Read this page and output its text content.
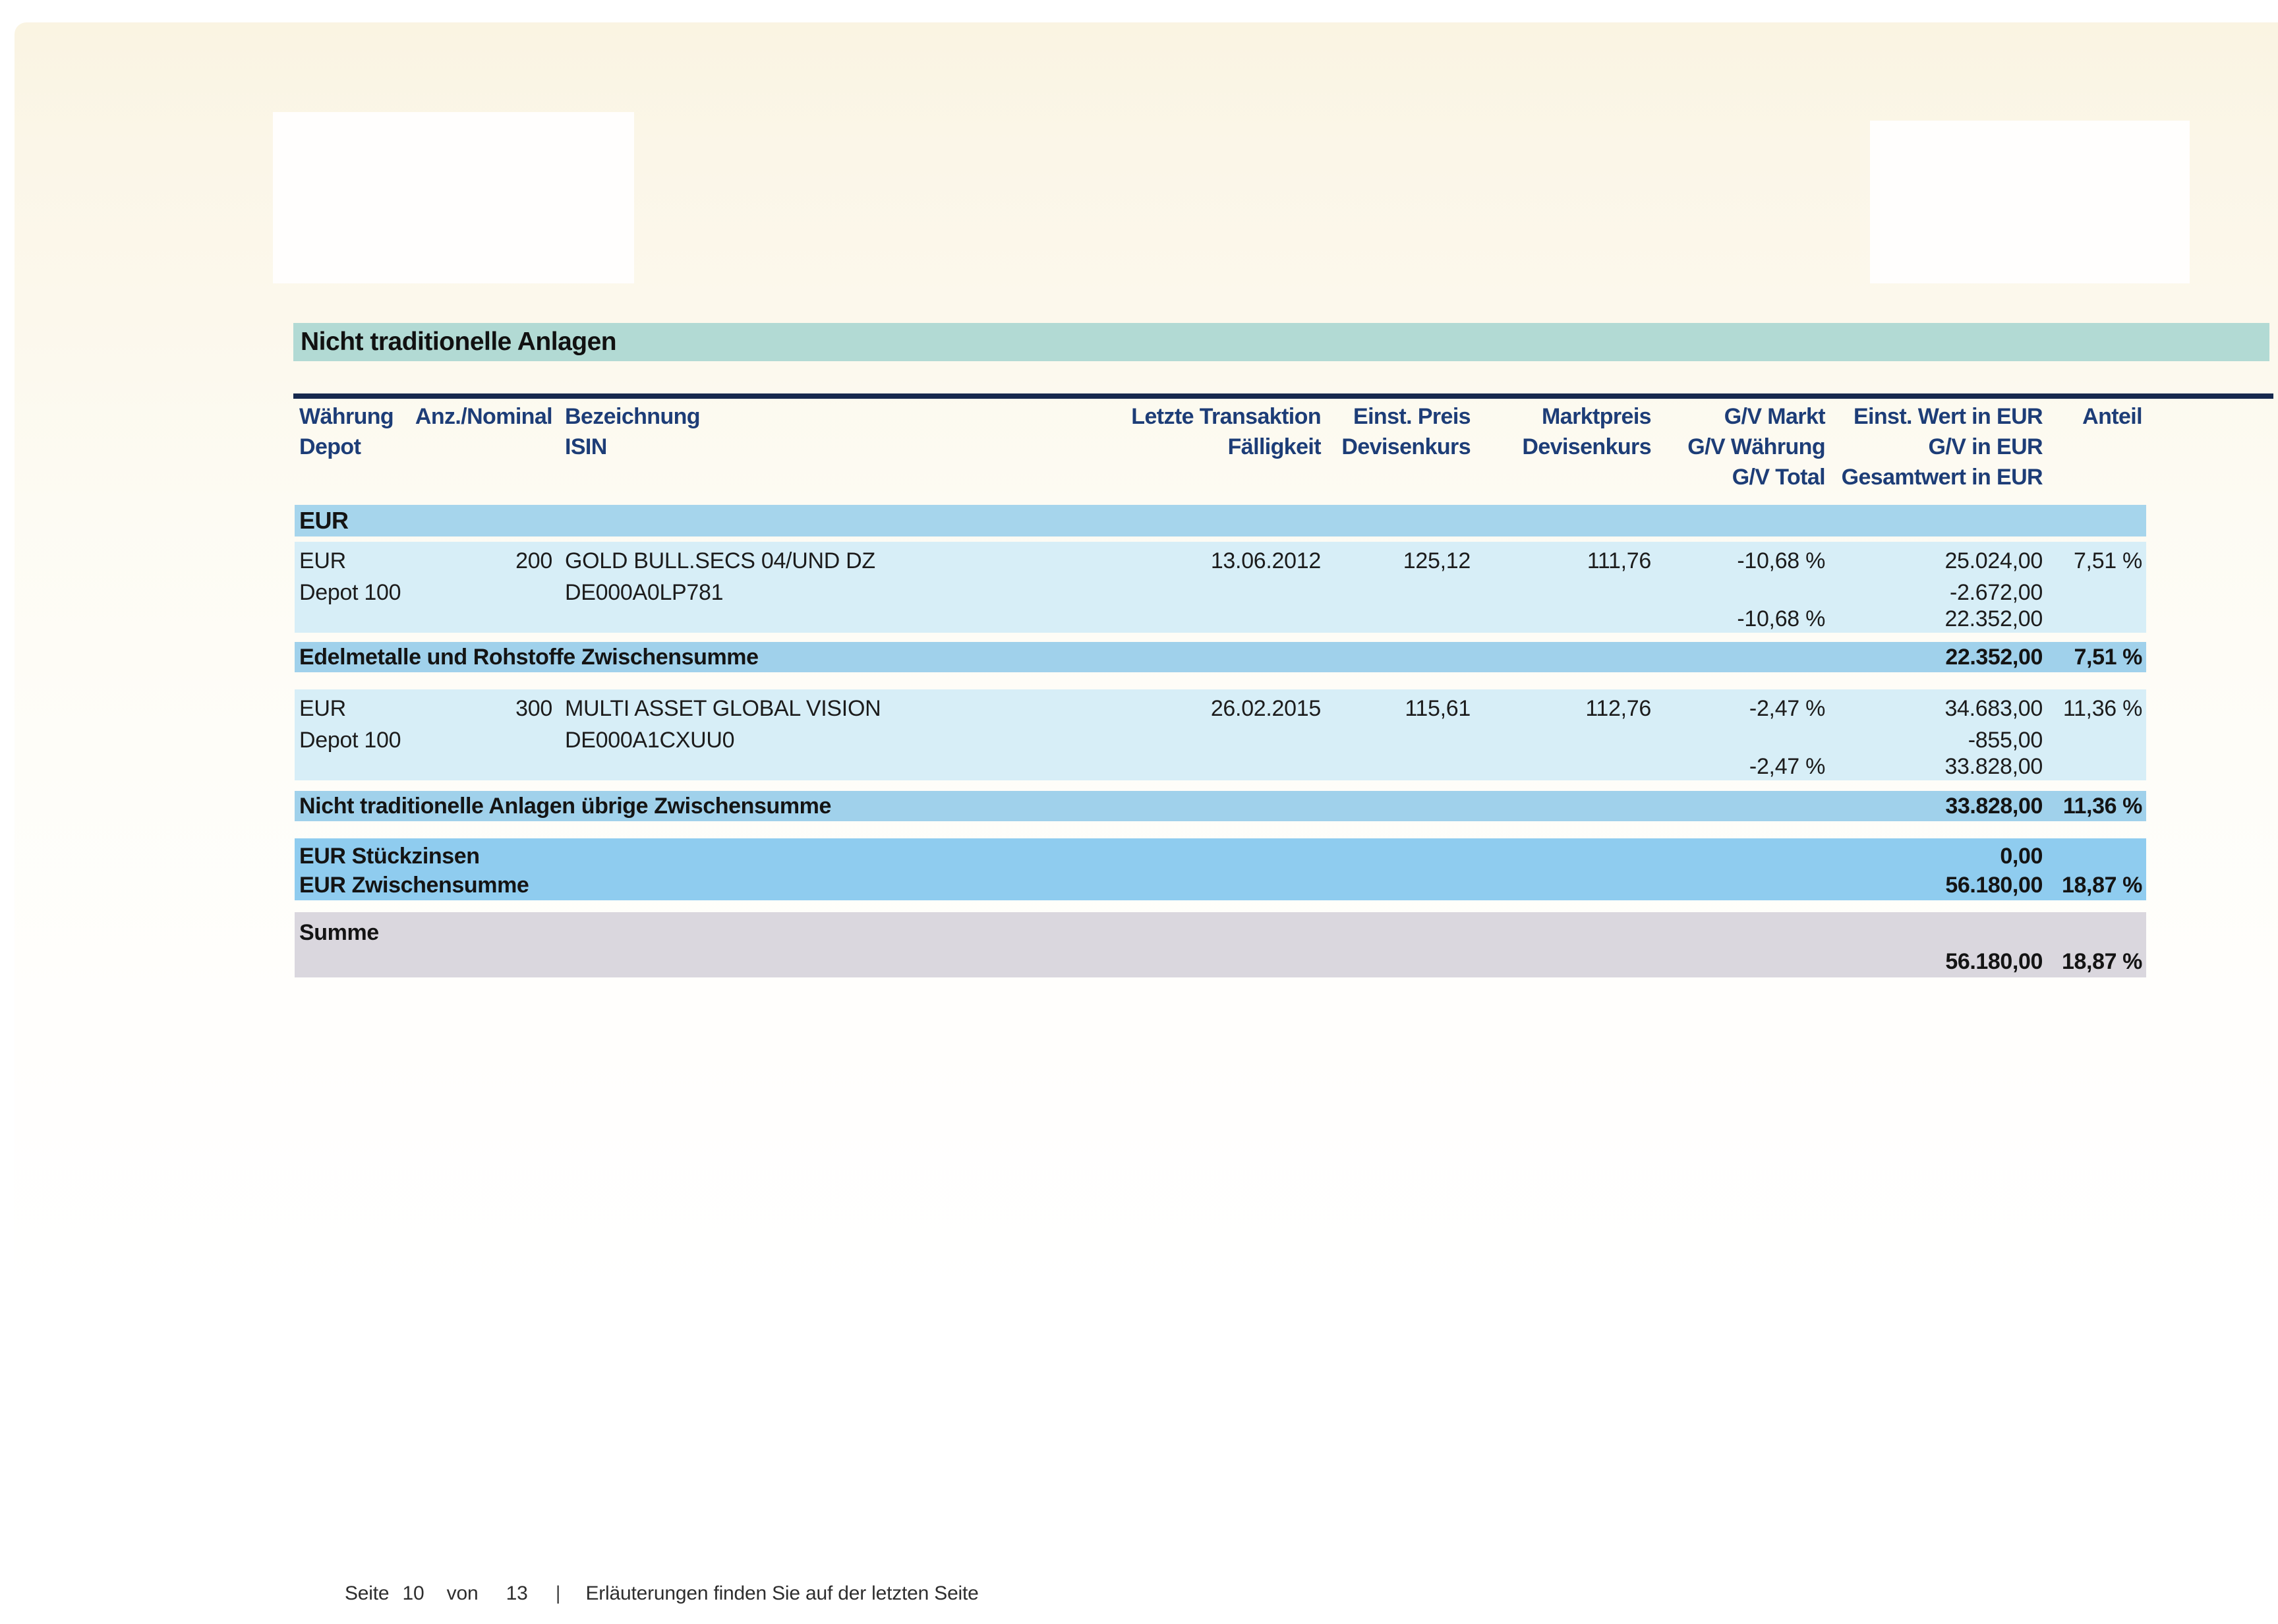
Nicht traditionelle Anlagen
Währung Anz./Nominal Bezeichnung	Letzte Transaktion Einst. Preis	Marktpreis	G/V Markt Einst. Wert in EUR Anteil
Depot	ISIN	Fälligkeit Devisenkurs Devisenkurs G/V Währung	G/V in EUR
G/V Total Gesamtwert in EUR
EUR
EUR	200 GOLD BULL.SECS 04/UND DZ	13.06.2012	125,12	111,76	-10,68 %	25.024,00 7,51 %
Depot 100	DE000A0LP781	-2.672,00
-10,68 %	22.352,00
Edelmetalle und Rohstoffe Zwischensumme	22.352,00 7,51 %
EUR	300 MULTI ASSET GLOBAL VISION	26.02.2015	115,61	112,76	-2,47 %	34.683,00 11,36 %
Depot 100	DE000A1CXUU0	-855,00
-2,47 %	33.828,00
Nicht traditionelle Anlagen übrige Zwischensumme	33.828,00 11,36 %
EUR Stückzinsen	0,00
EUR Zwischensumme	56.180,00 18,87 %
Summe
56.180,00 18,87 %
Seite 10 von 13 | Erläuterungen finden Sie auf der letzten Seite
